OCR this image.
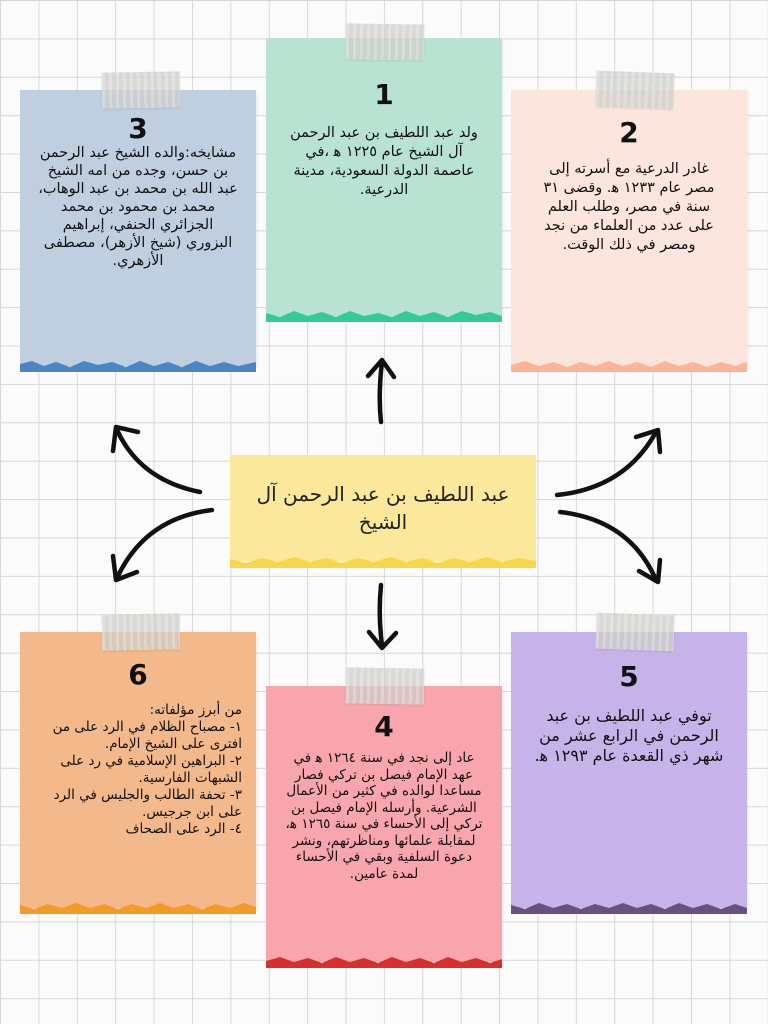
3
مشايخه:والده الشيخ عبد الرحمن بن حسن، وجده من امه الشيخ عبد الله بن محمد بن عبد الوهاب، محمد بن محمود بن محمد الجزائري الحنفي، إبراهيم البزوري (شيخ الأزهر)، مصطفى الأزهري.
1
ولد عبد اللطيف بن عبد الرحمن آل الشيخ عام ١٢٢٥ ﻫ ،في عاصمة الدولة السعودية، مدينة الدرعية.
2
غادر الدرعية مع أسرته إلى مصر عام ١٢٣٣ ﻫ. وقضى ٣١ سنة في مصر، وطلب العلم على عدد من العلماء من نجد ومصر في ذلك الوقت.
عبد اللطيف بن عبد الرحمن آل الشيخ
6
من أبرز مؤلفاته:
١- مصباح الظلام في الرد على من افترى على الشيخ الإمام.
٢- البراهين الإسلامية في رد على الشبهات الفارسية.
٣- تحفة الطالب والجليس في الرد على ابن جرجيس.
٤- الرد على الصحاف
4
عاد إلى نجد في سنة ١٢٦٤ ﻫ في عهد الإمام فيصل بن تركي فصار مساعدا لوالده في كثير من الأعمال الشرعية. وأرسله الإمام فيصل بن تركي إلى الأحساء في سنة ١٢٦٥ ﻫ، لمقابلة علمائها ومناظرتهم، ونشر دعوة السلفية وبقي في الأحساء لمدة عامين.
5
توفي عبد اللطيف بن عبد الرحمن في الرابع عشر من شهر ذي القعدة عام ١٢٩٣ ﻫ.
